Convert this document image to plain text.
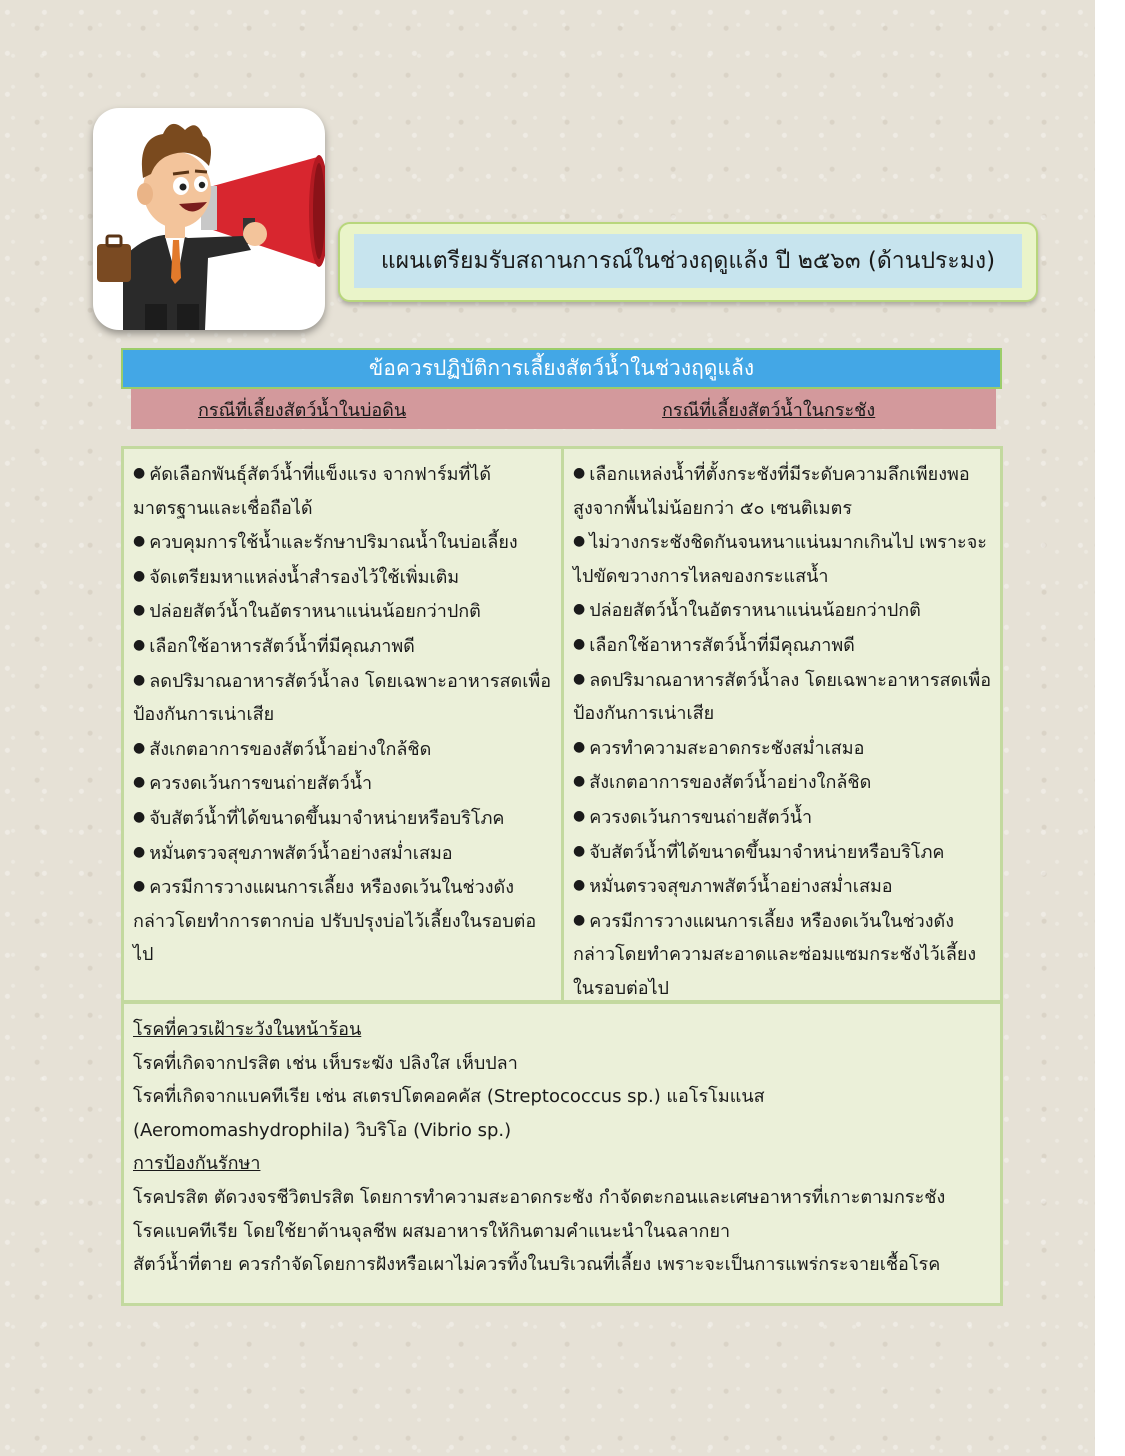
แผนเตรียมรับสถานการณ์ในช่วงฤดูแล้ง ปี ๒๕๖๓ (ด้านประมง)
ข้อควรปฏิบัติการเลี้ยงสัตว์น้ำในช่วงฤดูแล้ง
กรณีที่เลี้ยงสัตว์น้ำในบ่อดิน	กรณีที่เลี้ยงสัตว์น้ำในกระชัง
● คัดเลือกพันธุ์สัตว์น้ำที่แข็งแรง จากฟาร์มที่ได้มาตรฐานและเชื่อถือได้
● ควบคุมการใช้น้ำและรักษาปริมาณน้ำในบ่อเลี้ยง
● จัดเตรียมหาแหล่งน้ำสำรองไว้ใช้เพิ่มเติม
● ปล่อยสัตว์น้ำในอัตราหนาแน่นน้อยกว่าปกติ
● เลือกใช้อาหารสัตว์น้ำที่มีคุณภาพดี
● ลดปริมาณอาหารสัตว์น้ำลง โดยเฉพาะอาหารสดเพื่อป้องกันการเน่าเสีย
● สังเกตอาการของสัตว์น้ำอย่างใกล้ชิด
● ควรงดเว้นการขนถ่ายสัตว์น้ำ
● จับสัตว์น้ำที่ได้ขนาดขึ้นมาจำหน่ายหรือบริโภค
● หมั่นตรวจสุขภาพสัตว์น้ำอย่างสม่ำเสมอ
● ควรมีการวางแผนการเลี้ยง หรืองดเว้นในช่วงดังกล่าวโดยทำการตากบ่อ ปรับปรุงบ่อไว้เลี้ยงในรอบต่อไป
● เลือกแหล่งน้ำที่ตั้งกระชังที่มีระดับความลึกเพียงพอ สูงจากพื้นไม่น้อยกว่า ๕๐ เซนติเมตร
● ไม่วางกระชังชิดกันจนหนาแน่นมากเกินไป เพราะจะไปขัดขวางการไหลของกระแสน้ำ
● ปล่อยสัตว์น้ำในอัตราหนาแน่นน้อยกว่าปกติ
● เลือกใช้อาหารสัตว์น้ำที่มีคุณภาพดี
● ลดปริมาณอาหารสัตว์น้ำลง โดยเฉพาะอาหารสดเพื่อป้องกันการเน่าเสีย
● ควรทำความสะอาดกระชังสม่ำเสมอ
● สังเกตอาการของสัตว์น้ำอย่างใกล้ชิด
● ควรงดเว้นการขนถ่ายสัตว์น้ำ
● จับสัตว์น้ำที่ได้ขนาดขึ้นมาจำหน่ายหรือบริโภค
● หมั่นตรวจสุขภาพสัตว์น้ำอย่างสม่ำเสมอ
● ควรมีการวางแผนการเลี้ยง หรืองดเว้นในช่วงดังกล่าวโดยทำความสะอาดและซ่อมแซมกระชังไว้เลี้ยงในรอบต่อไป

โรคที่ควรเฝ้าระวังในหน้าร้อน

โรคที่เกิดจากปรสิต เช่น เห็บระฆัง ปลิงใส เห็บปลา

โรคที่เกิดจากแบคทีเรีย เช่น สเตรปโตคอคคัส (Streptococcus sp.) แอโรโมแนส

(Aeromomashydrophila) วิบริโอ (Vibrio sp.)

การป้องกันรักษา

โรคปรสิต ตัดวงจรชีวิตปรสิต โดยการทำความสะอาดกระชัง กำจัดตะกอนและเศษอาหารที่เกาะตามกระชัง

โรคแบคทีเรีย โดยใช้ยาต้านจุลชีพ ผสมอาหารให้กินตามคำแนะนำในฉลากยา

สัตว์น้ำที่ตาย ควรกำจัดโดยการฝังหรือเผาไม่ควรทิ้งในบริเวณที่เลี้ยง เพราะจะเป็นการแพร่กระจายเชื้อโรค
